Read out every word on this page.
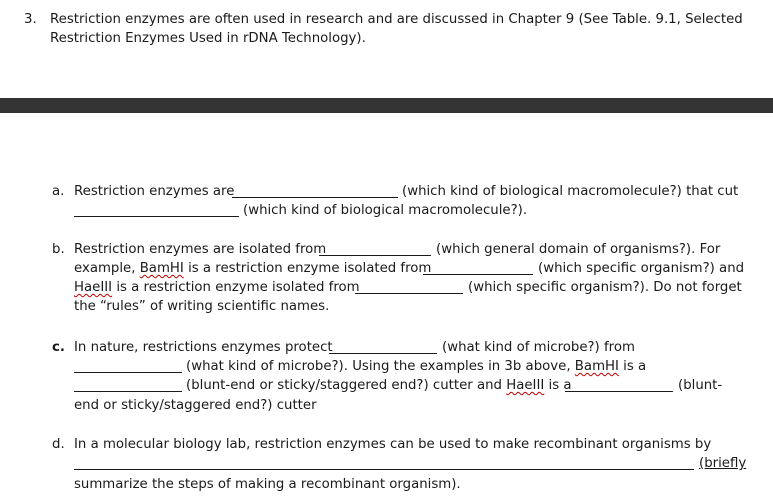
3. Restriction enzymes are often used in research and are discussed in Chapter 9 (See Table. 9.1, Selected
Restriction Enzymes Used in rDNA Technology).
a. Restriction enzymes are	(which kind of biological macromolecule?) that cut
(which kind of biological macromolecule?).
b. Restriction enzymes are isolated from	(which general domain of organisms?). For
example, BamHI is a restriction enzyme isolated from	(which specific organism?) and
HaeIII is a restriction enzyme isolated from	(which specific organism?). Do not forget
the “rules” of writing scientific names.
c. In nature, restrictions enzymes protect	(what kind of microbe?) from
(what kind of microbe?). Using the examples in 3b above, BamHI is a
(blunt-end or sticky/staggered end?) cutter and HaeIII is a	(blunt-
end or sticky/staggered end?) cutter
d. In a molecular biology lab, restriction enzymes can be used to make recombinant organisms by
(briefly
summarize the steps of making a recombinant organism).
